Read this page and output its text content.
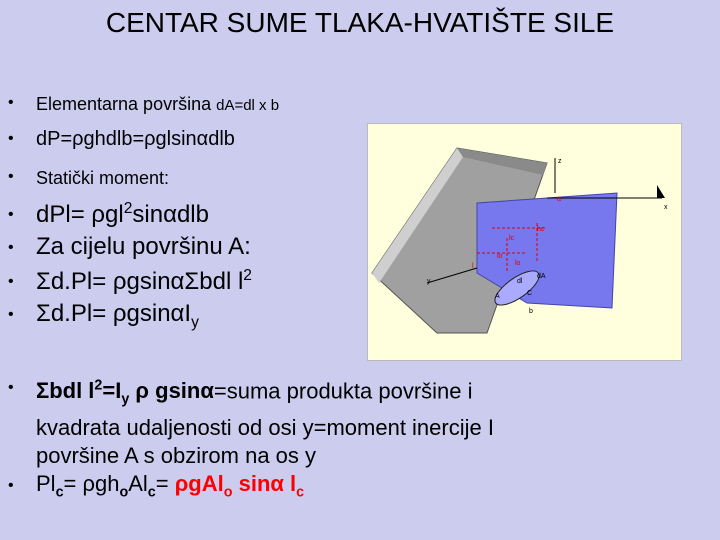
CENTAR SUME TLAKA-HVATIŠTE SILE
• Elementarna površina dA=dl x b
• dP=ρghdlb=ρglsinαdlb
• Statički moment:
• dPl= ρgl$^2$sinαdlb
• Za cijelu površinu A:
• Σd.Pl= ρgsinαΣbdl $l^2$
• Σd.Pl= ρgsinαI$_y$
z
x
y
α
lc
lo
hc
lo
l
dA
A	C
b
dl
• Σbdl $l^2=I_y$ ρ gsinα=suma produkta površine i
kvadrata udaljenosti od osi y=moment inercije I
površine A s obzirom na os y
• $Pl_c= \rho gh_oAl_c= \rho gAl_o$ sinα $l_c$
